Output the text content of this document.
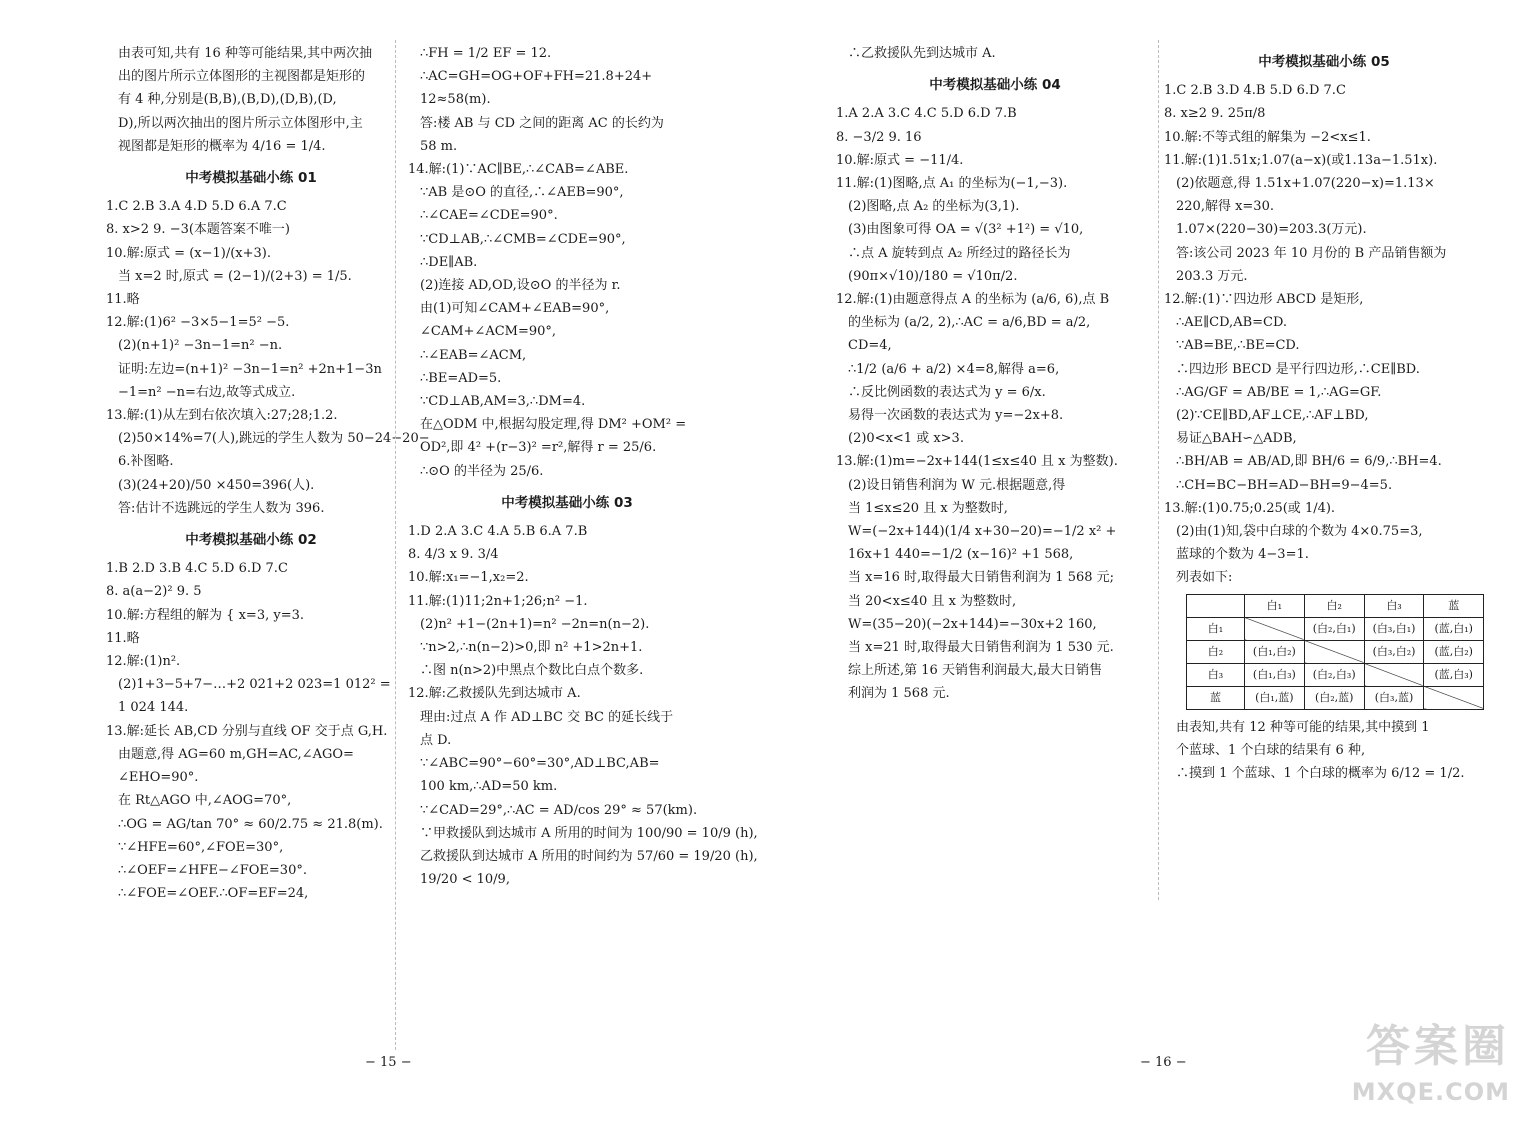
由表可知,共有 16 种等可能结果,其中两次抽

出的图片所示立体图形的主视图都是矩形的

有 4 种,分别是(B,B),(B,D),(D,B),(D,

D),所以两次抽出的图片所示立体图形中,主

视图都是矩形的概率为 4/16 = 1/4.

中考模拟基础小练 01

1.C 2.B 3.A 4.D 5.D 6.A 7.C

8. x>2 9. −3(本题答案不唯一)

10.解:原式 = (x−1)/(x+3).

当 x=2 时,原式 = (2−1)/(2+3) = 1/5.

11.略

12.解:(1)6² −3×5−1=5² −5.

(2)(n+1)² −3n−1=n² −n.

证明:左边=(n+1)² −3n−1=n² +2n+1−3n

−1=n² −n=右边,故等式成立.

13.解:(1)从左到右依次填入:27;28;1.2.

(2)50×14%=7(人),跳远的学生人数为 50−24−20−

6.补图略.

(3)(24+20)/50 ×450=396(人).

答:估计不选跳远的学生人数为 396.

中考模拟基础小练 02

1.B 2.D 3.B 4.C 5.D 6.D 7.C

8. a(a−2)² 9. 5

10.解:方程组的解为 { x=3, y=3.

11.略

12.解:(1)n².

(2)1+3−5+7−…+2 021+2 023=1 012² =

1 024 144.

13.解:延长 AB,CD 分别与直线 OF 交于点 G,H.

由题意,得 AG=60 m,GH=AC,∠AGO=

∠EHO=90°.

在 Rt△AGO 中,∠AOG=70°,

∴OG = AG/tan 70° ≈ 60/2.75 ≈ 21.8(m).

∵∠HFE=60°,∠FOE=30°,

∴∠OEF=∠HFE−∠FOE=30°.

∴∠FOE=∠OEF.∴OF=EF=24,

∴FH = 1/2 EF = 12.

∴AC=GH=OG+OF+FH=21.8+24+

12≈58(m).

答:楼 AB 与 CD 之间的距离 AC 的长约为

58 m.

14.解:(1)∵AC∥BE,∴∠CAB=∠ABE.

∵AB 是⊙O 的直径,∴∠AEB=90°,

∴∠CAE=∠CDE=90°.

∵CD⊥AB,∴∠CMB=∠CDE=90°,

∴DE∥AB.

(2)连接 AD,OD,设⊙O 的半径为 r.

由(1)可知∠CAM+∠EAB=90°,

∠CAM+∠ACM=90°,

∴∠EAB=∠ACM,

∴BE=AD=5.

∵CD⊥AB,AM=3,∴DM=4.

在△ODM 中,根据勾股定理,得 DM² +OM² =

OD²,即 4² +(r−3)² =r²,解得 r = 25/6.

∴⊙O 的半径为 25/6.

中考模拟基础小练 03

1.D 2.A 3.C 4.A 5.B 6.A 7.B

8. 4/3 x 9. 3/4

10.解:x₁=−1,x₂=2.

11.解:(1)11;2n+1;26;n² −1.

(2)n² +1−(2n+1)=n² −2n=n(n−2).

∵n>2,∴n(n−2)>0,即 n² +1>2n+1.

∴图 n(n>2)中黑点个数比白点个数多.

12.解:乙救援队先到达城市 A.

理由:过点 A 作 AD⊥BC 交 BC 的延长线于

点 D.

∵∠ABC=90°−60°=30°,AD⊥BC,AB=

100 km,∴AD=50 km.

∵∠CAD=29°,∴AC = AD/cos 29° ≈ 57(km).

∵甲救援队到达城市 A 所用的时间为 100/90 = 10/9 (h),

乙救援队到达城市 A 所用的时间约为 57/60 = 19/20 (h),

19/20 < 10/9,

− 15 −

∴乙救援队先到达城市 A.

中考模拟基础小练 04

1.A 2.A 3.C 4.C 5.D 6.D 7.B

8. −3/2 9. 16

10.解:原式 = −11/4.

11.解:(1)图略,点 A₁ 的坐标为(−1,−3).

(2)图略,点 A₂ 的坐标为(3,1).

(3)由图象可得 OA = √(3² +1²) = √10,

∴点 A 旋转到点 A₂ 所经过的路径长为

(90π×√10)/180 = √10π/2.

12.解:(1)由题意得点 A 的坐标为 (a/6, 6),点 B

的坐标为 (a/2, 2),∴AC = a/6,BD = a/2,

CD=4,

∴1/2 (a/6 + a/2) ×4=8,解得 a=6,

∴反比例函数的表达式为 y = 6/x.

易得一次函数的表达式为 y=−2x+8.

(2)0<x<1 或 x>3.

13.解:(1)m=−2x+144(1≤x≤40 且 x 为整数).

(2)设日销售利润为 W 元.根据题意,得

当 1≤x≤20 且 x 为整数时,

W=(−2x+144)(1/4 x+30−20)=−1/2 x² +

16x+1 440=−1/2 (x−16)² +1 568,

当 x=16 时,取得最大日销售利润为 1 568 元;

当 20<x≤40 且 x 为整数时,

W=(35−20)(−2x+144)=−30x+2 160,

当 x=21 时,取得最大日销售利润为 1 530 元.

综上所述,第 16 天销售利润最大,最大日销售

利润为 1 568 元.

中考模拟基础小练 05

1.C 2.B 3.D 4.B 5.D 6.D 7.C

8. x≥2 9. 25π/8

10.解:不等式组的解集为 −2<x≤1.

11.解:(1)1.51x;1.07(a−x)(或1.13a−1.51x).

(2)依题意,得 1.51x+1.07(220−x)=1.13×

220,解得 x=30.

1.07×(220−30)=203.3(万元).

答:该公司 2023 年 10 月份的 B 产品销售额为

203.3 万元.

12.解:(1)∵四边形 ABCD 是矩形,

∴AE∥CD,AB=CD.

∵AB=BE,∴BE=CD.

∴四边形 BECD 是平行四边形,∴CE∥BD.

∴AG/GF = AB/BE = 1,∴AG=GF.

(2)∵CE∥BD,AF⊥CE,∴AF⊥BD,

易证△BAH∽△ADB,

∴BH/AB = AB/AD,即 BH/6 = 6/9,∴BH=4.

∴CH=BC−BH=AD−BH=9−4=5.

13.解:(1)0.75;0.25(或 1/4).

(2)由(1)知,袋中白球的个数为 4×0.75=3,

蓝球的个数为 4−3=1.

列表如下:

	白₁	白₂	白₃	蓝
白₁		(白₂,白₁)	(白₃,白₁)	(蓝,白₁)
白₂	(白₁,白₂)		(白₃,白₂)	(蓝,白₂)
白₃	(白₁,白₃)	(白₂,白₃)		(蓝,白₃)
蓝	(白₁,蓝)	(白₂,蓝)	(白₃,蓝)	

由表知,共有 12 种等可能的结果,其中摸到 1

个蓝球、1 个白球的结果有 6 种,

∴摸到 1 个蓝球、1 个白球的概率为 6/12 = 1/2.

− 16 −	答案圈
MXQE.COM
